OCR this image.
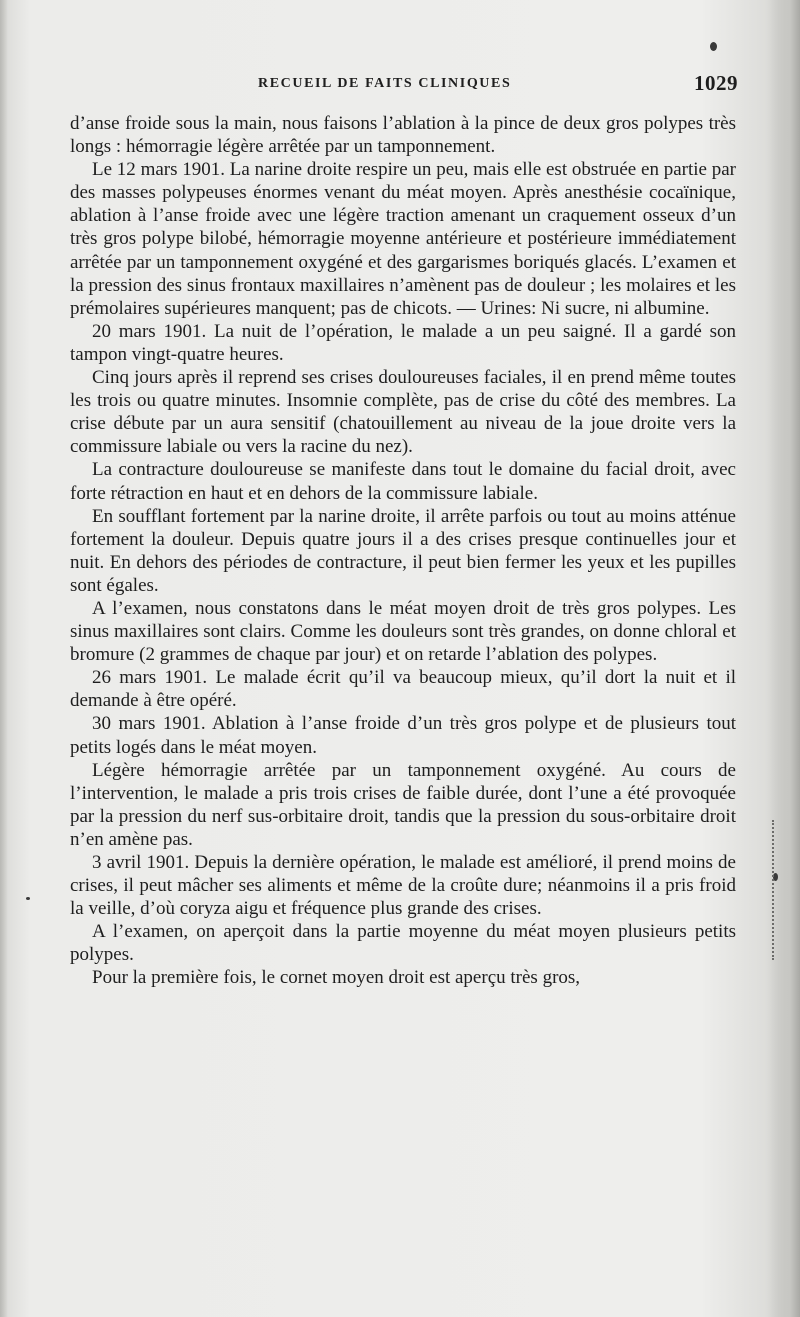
RECUEIL DE FAITS CLINIQUES	1029

d’anse froide sous la main, nous faisons l’ablation à la pince de deux gros polypes très longs : hémorragie légère arrêtée par un tamponnement.

Le 12 mars 1901. La narine droite respire un peu, mais elle est obstruée en partie par des masses polypeuses énormes venant du méat moyen. Après anesthésie cocaïnique, ablation à l’anse froide avec une légère traction amenant un craquement osseux d’un très gros polype bilobé, hémorragie moyenne antérieure et postérieure immédiatement arrêtée par un tamponnement oxygéné et des gargarismes boriqués glacés. L’examen et la pression des sinus frontaux maxillaires n’amènent pas de douleur ; les molaires et les prémolaires supérieures manquent; pas de chicots. — Urines: Ni sucre, ni albumine.

20 mars 1901. La nuit de l’opération, le malade a un peu saigné. Il a gardé son tampon vingt-quatre heures.

Cinq jours après il reprend ses crises douloureuses faciales, il en prend même toutes les trois ou quatre minutes. Insomnie complète, pas de crise du côté des membres. La crise débute par un aura sensitif (chatouillement au niveau de la joue droite vers la commissure labiale ou vers la racine du nez).

La contracture douloureuse se manifeste dans tout le domaine du facial droit, avec forte rétraction en haut et en dehors de la commissure labiale.

En soufflant fortement par la narine droite, il arrête parfois ou tout au moins atténue fortement la douleur. Depuis quatre jours il a des crises presque continuelles jour et nuit. En dehors des périodes de contracture, il peut bien fermer les yeux et les pupilles sont égales.

A l’examen, nous constatons dans le méat moyen droit de très gros polypes. Les sinus maxillaires sont clairs. Comme les douleurs sont très grandes, on donne chloral et bromure (2 grammes de chaque par jour) et on retarde l’ablation des polypes.

26 mars 1901. Le malade écrit qu’il va beaucoup mieux, qu’il dort la nuit et il demande à être opéré.

30 mars 1901. Ablation à l’anse froide d’un très gros polype et de plusieurs tout petits logés dans le méat moyen.

Légère hémorragie arrêtée par un tamponnement oxygéné. Au cours de l’intervention, le malade a pris trois crises de faible durée, dont l’une a été provoquée par la pression du nerf sus-orbitaire droit, tandis que la pression du sous-orbitaire droit n’en amène pas.

3 avril 1901. Depuis la dernière opération, le malade est amélioré, il prend moins de crises, il peut mâcher ses aliments et même de la croûte dure; néanmoins il a pris froid la veille, d’où coryza aigu et fréquence plus grande des crises.

A l’examen, on aperçoit dans la partie moyenne du méat moyen plusieurs petits polypes.

Pour la première fois, le cornet moyen droit est aperçu très gros,
